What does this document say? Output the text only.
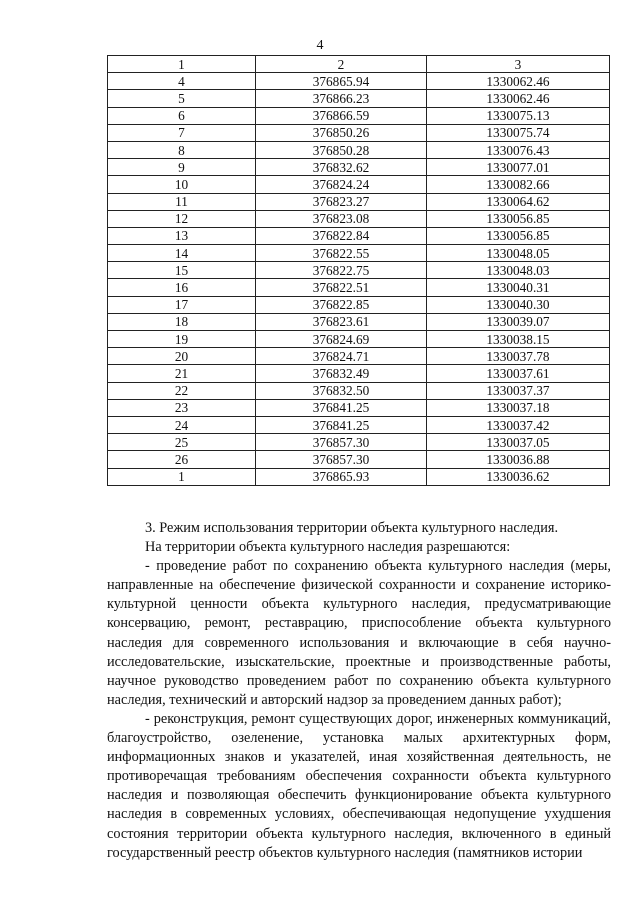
4
1	2	3
4	376865.94	1330062.46
5	376866.23	1330062.46
6	376866.59	1330075.13
7	376850.26	1330075.74
8	376850.28	1330076.43
9	376832.62	1330077.01
10	376824.24	1330082.66
11	376823.27	1330064.62
12	376823.08	1330056.85
13	376822.84	1330056.85
14	376822.55	1330048.05
15	376822.75	1330048.03
16	376822.51	1330040.31
17	376822.85	1330040.30
18	376823.61	1330039.07
19	376824.69	1330038.15
20	376824.71	1330037.78
21	376832.49	1330037.61
22	376832.50	1330037.37
23	376841.25	1330037.18
24	376841.25	1330037.42
25	376857.30	1330037.05
26	376857.30	1330036.88
1	376865.93	1330036.62

3. Режим использования территории объекта культурного наследия.

На территории объекта культурного наследия разрешаются:

- проведение работ по сохранению объекта культурного наследия (меры, направленные на обеспечение физической сохранности и сохранение историко-культурной ценности объекта культурного наследия, предусматривающие консервацию, ремонт, реставрацию, приспособление объекта культурного наследия для современного использования и включающие в себя научно-исследовательские, изыскательские, проектные и производственные работы, научное руководство проведением работ по сохранению объекта культурного наследия, технический и авторский надзор за проведением данных работ);

- реконструкция, ремонт существующих дорог, инженерных коммуникаций, благоустройство, озеленение, установка малых архитектурных форм, информационных знаков и указателей, иная хозяйственная деятельность, не противоречащая требованиям обеспечения сохранности объекта культурного наследия и позволяющая обеспечить функционирование объекта культурного наследия в современных условиях, обеспечивающая недопущение ухудшения состояния территории объекта культурного наследия, включенного в единый государственный реестр объектов культурного наследия (памятников истории
